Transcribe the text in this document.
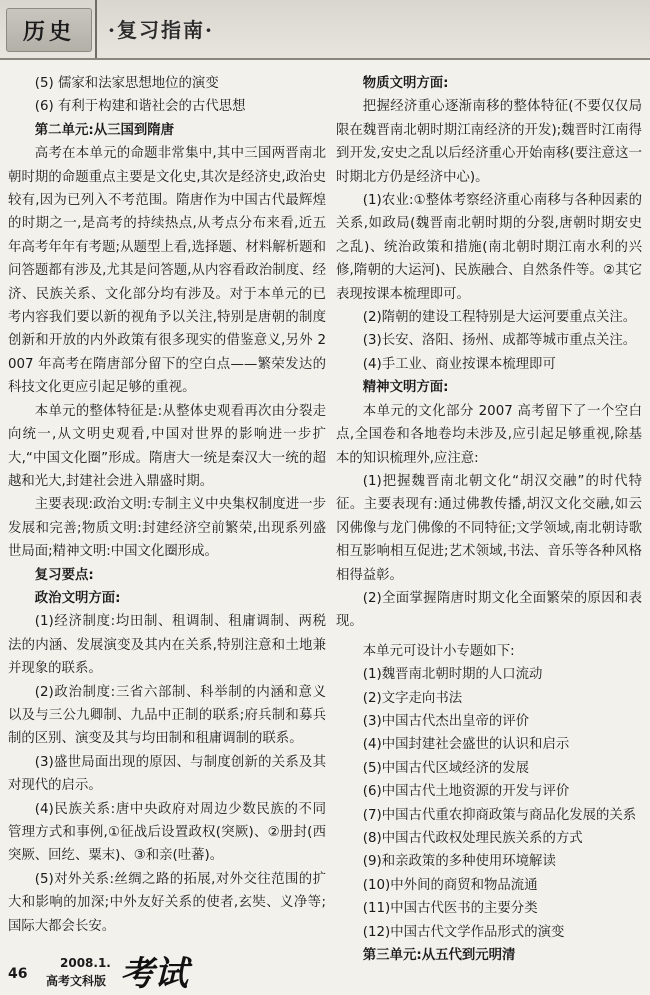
历史	·复习指南·

(5) 儒家和法家思想地位的演变

(6) 有利于构建和谐社会的古代思想

第二单元:从三国到隋唐

高考在本单元的命题非常集中,其中三国两晋南北朝时期的命题重点主要是文化史,其次是经济史,政治史较有,因为已列入不考范围。隋唐作为中国古代最辉煌的时期之一,是高考的持续热点,从考点分布来看,近五年高考年年有考题;从题型上看,选择题、材料解析题和问答题都有涉及,尤其是问答题,从内容看政治制度、经济、民族关系、文化部分均有涉及。对于本单元的已考内容我们要以新的视角予以关注,特别是唐朝的制度创新和开放的内外政策有很多现实的借鉴意义,另外 2007 年高考在隋唐部分留下的空白点——繁荣发达的科技文化更应引起足够的重视。

本单元的整体特征是:从整体史观看再次由分裂走向统一,从文明史观看,中国对世界的影响进一步扩大,“中国文化圈”形成。隋唐大一统是秦汉大一统的超越和光大,封建社会进入鼎盛时期。

主要表现:政治文明:专制主义中央集权制度进一步发展和完善;物质文明:封建经济空前繁荣,出现系列盛世局面;精神文明:中国文化圈形成。

复习要点:

政治文明方面:

(1)经济制度:均田制、租调制、租庸调制、两税法的内涵、发展演变及其内在关系,特别注意和土地兼并现象的联系。

(2)政治制度:三省六部制、科举制的内涵和意义以及与三公九卿制、九品中正制的联系;府兵制和募兵制的区别、演变及其与均田制和租庸调制的联系。

(3)盛世局面出现的原因、与制度创新的关系及其对现代的启示。

(4)民族关系:唐中央政府对周边少数民族的不同管理方式和事例,①征战后设置政权(突厥)、②册封(西突厥、回纥、粟末)、③和亲(吐蕃)。

(5)对外关系:丝绸之路的拓展,对外交往范围的扩大和影响的加深;中外友好关系的使者,玄奘、义净等;国际大都会长安。

物质文明方面:

把握经济重心逐渐南移的整体特征(不要仅仅局限在魏晋南北朝时期江南经济的开发);魏晋时江南得到开发,安史之乱以后经济重心开始南移(要注意这一时期北方仍是经济中心)。

(1)农业:①整体考察经济重心南移与各种因素的关系,如政局(魏晋南北朝时期的分裂,唐朝时期安史之乱)、统治政策和措施(南北朝时期江南水利的兴修,隋朝的大运河)、民族融合、自然条件等。②其它表现按课本梳理即可。

(2)隋朝的建设工程特别是大运河要重点关注。

(3)长安、洛阳、扬州、成都等城市重点关注。

(4)手工业、商业按课本梳理即可

精神文明方面:

本单元的文化部分 2007 高考留下了一个空白点,全国卷和各地卷均未涉及,应引起足够重视,除基本的知识梳理外,应注意:

(1)把握魏晋南北朝文化“胡汉交融”的时代特征。主要表现有:通过佛教传播,胡汉文化交融,如云冈佛像与龙门佛像的不同特征;文学领域,南北朝诗歌相互影响相互促进;艺术领域,书法、音乐等各种风格相得益彰。

(2)全面掌握隋唐时期文化全面繁荣的原因和表现。

本单元可设计小专题如下:

(1)魏晋南北朝时期的人口流动

(2)文字走向书法

(3)中国古代杰出皇帝的评价

(4)中国封建社会盛世的认识和启示

(5)中国古代区域经济的发展

(6)中国古代土地资源的开发与评价

(7)中国古代重农抑商政策与商品化发展的关系

(8)中国古代政权处理民族关系的方式

(9)和亲政策的多种使用环境解读

(10)中外间的商贸和物品流通

(11)中国古代医书的主要分类

(12)中国古代文学作品形式的演变

第三单元:从五代到元明清

46
2008.1.
高考文科版 考试
